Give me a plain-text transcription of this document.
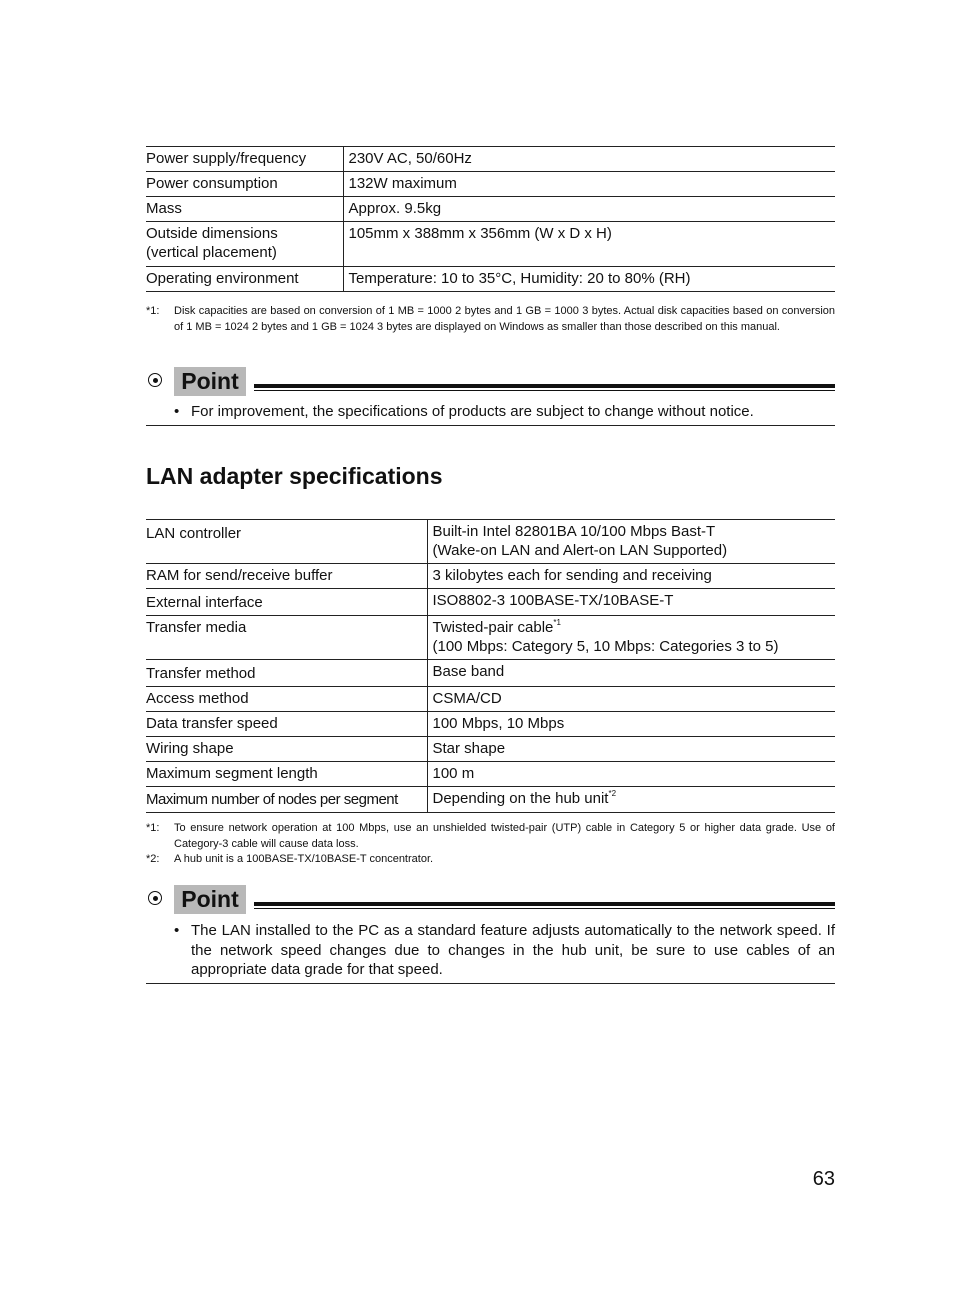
Power supply/frequency	230V AC, 50/60Hz
Power consumption	132W maximum
Mass	Approx. 9.5kg

Outside dimensions
(vertical placement)	105mm x 388mm x 356mm (W x D x H)
Operating environment	Temperature: 10 to 35°C, Humidity: 20 to 80% (RH)
*1:	Disk capacities are based on conversion of 1 MB = 1000 2 bytes and 1 GB = 1000 3 bytes. Actual disk capacities based on conversion of 1 MB = 1024 2 bytes and 1 GB = 1024 3 bytes are displayed on Windows as smaller than those described on this manual.
Point
• For improvement, the specifications of products are subject to change without notice.
LAN adapter specifications
LAN controller	Built-in Intel 82801BA 10/100 Mbps Bast-T
(Wake-on LAN and Alert-on LAN Supported)

RAM for send/receive buffer	3 kilobytes each for sending and receiving
External interface	ISO8802-3 100BASE-TX/10BASE-T
Transfer media	Twisted-pair cable$^{*1}$
(100 Mbps: Category 5, 10 Mbps: Categories 3 to 5)

Transfer method	Base band
Access method	CSMA/CD
Data transfer speed	100 Mbps, 10 Mbps
Wiring shape	Star shape
Maximum segment length	100 m
Maximum number of nodes per segment	Depending on the hub unit$^{*2}$
*1:	To ensure network operation at 100 Mbps, use an unshielded twisted-pair (UTP) cable in Category 5 or higher data grade. Use of Category-3 cable will cause data loss.
*2:	A hub unit is a 100BASE-TX/10BASE-T concentrator.
Point
• The LAN installed to the PC as a standard feature adjusts automatically to the network speed. If the network speed changes due to changes in the hub unit, be sure to use cables of an appropriate data grade for that speed.
63
